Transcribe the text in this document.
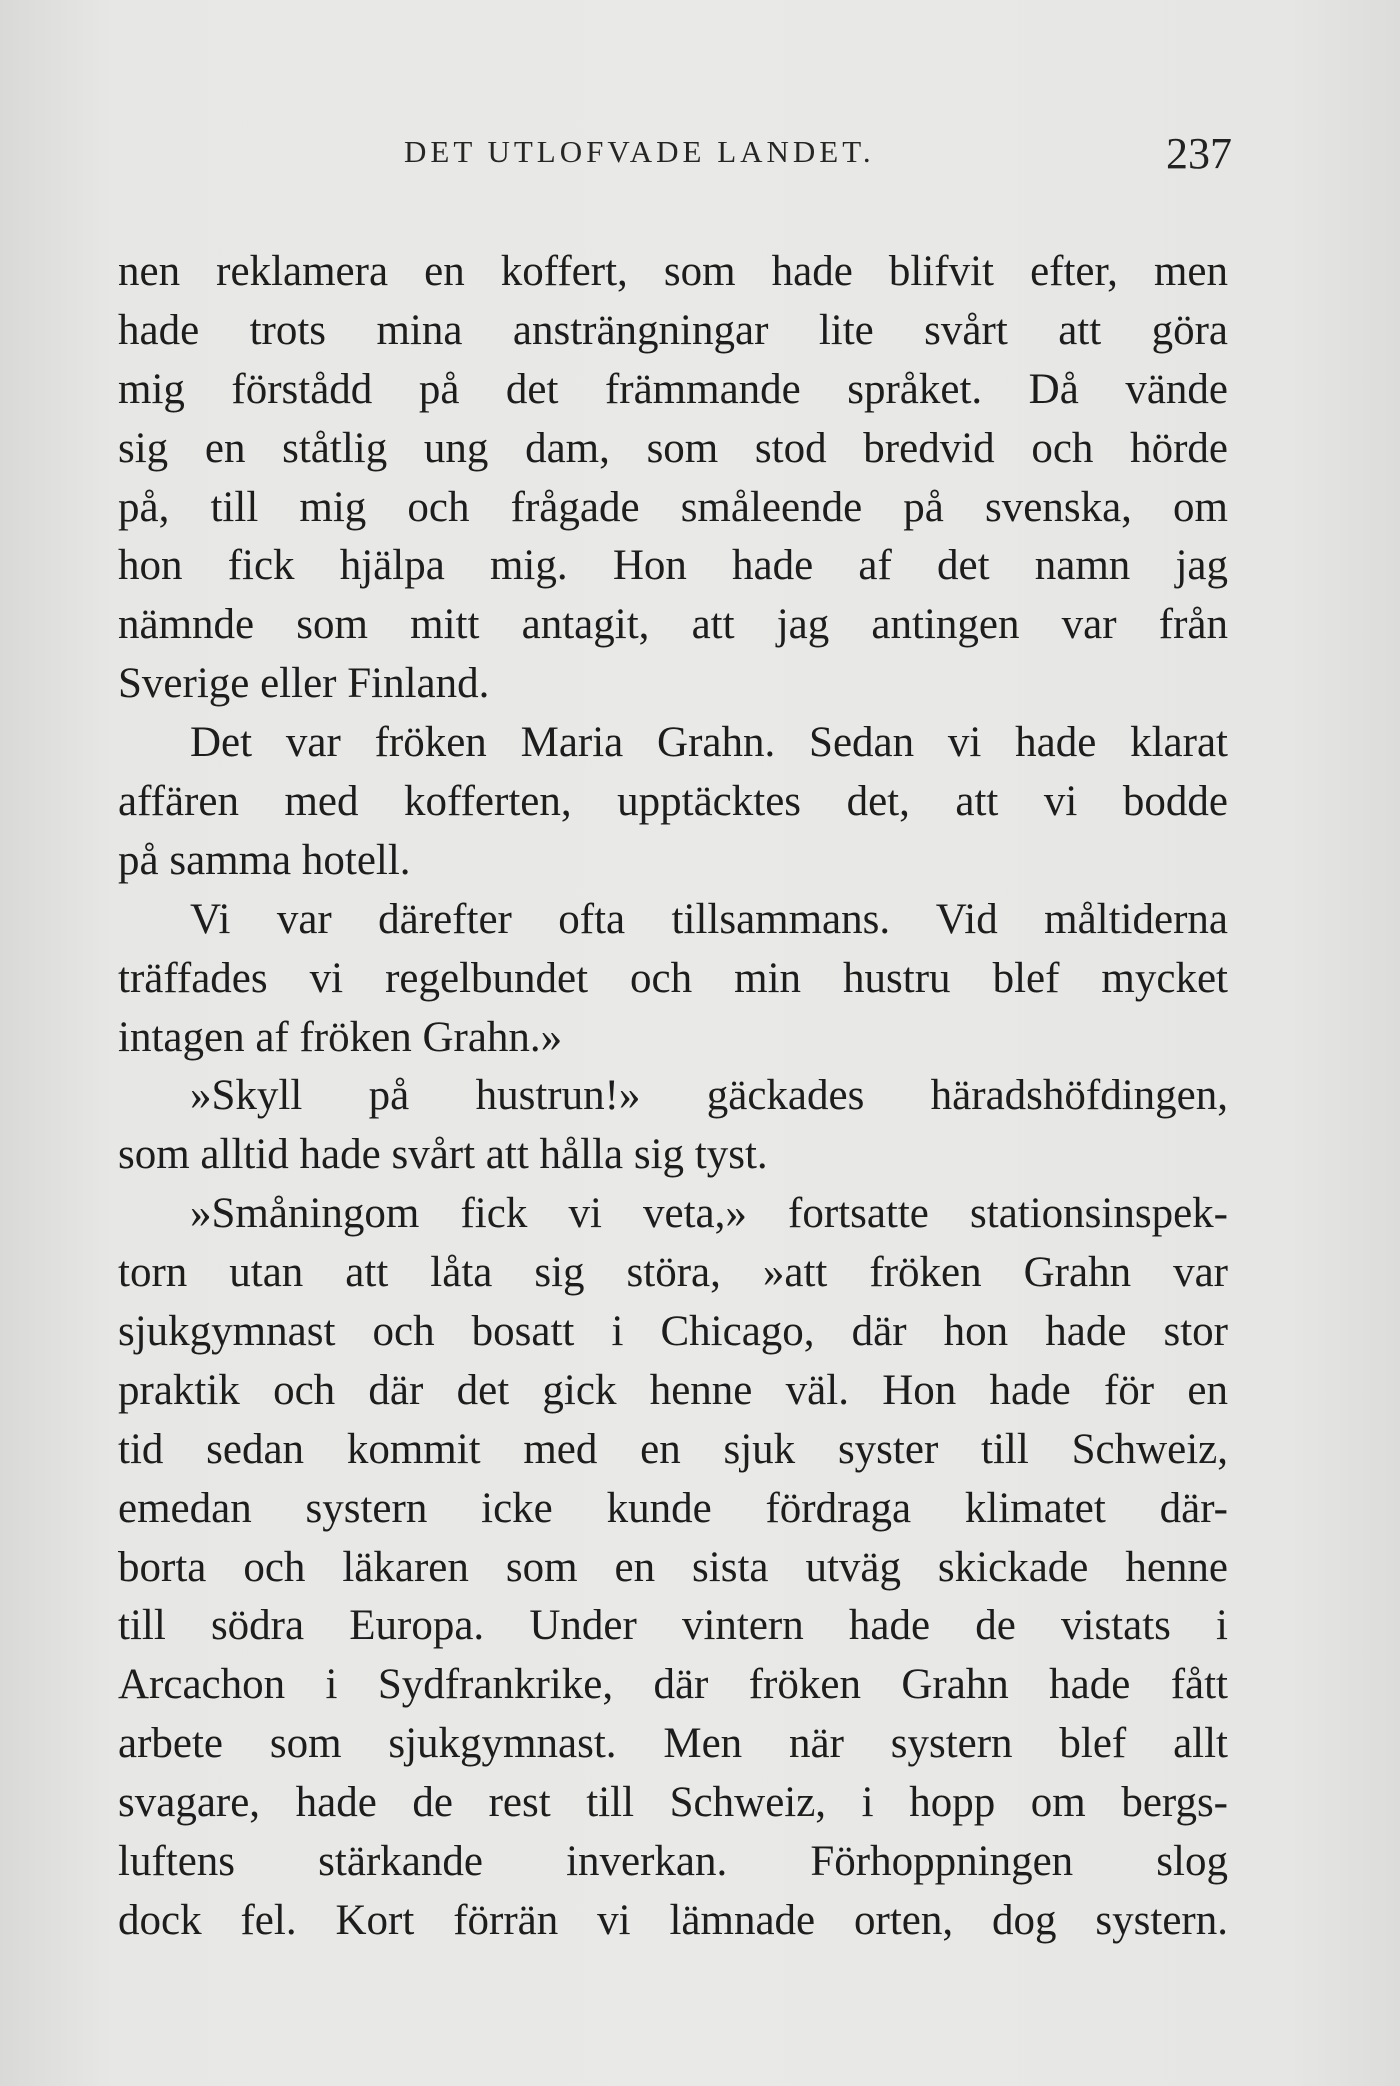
DET UTLOFVADE LANDET.	237
nen reklamera en koffert, som hade blifvit efter, men
hade trots mina ansträngningar lite svårt att göra
mig förstådd på det främmande språket. Då vände
sig en ståtlig ung dam, som stod bredvid och hörde
på, till mig och frågade småleende på svenska, om
hon fick hjälpa mig. Hon hade af det namn jag
nämnde som mitt antagit, att jag antingen var från
Sverige eller Finland.
Det var fröken Maria Grahn. Sedan vi hade klarat
affären med kofferten, upptäcktes det, att vi bodde
på samma hotell.
Vi var därefter ofta tillsammans. Vid måltiderna
träffades vi regelbundet och min hustru blef mycket
intagen af fröken Grahn.»
»Skyll på hustrun!» gäckades häradshöfdingen,
som alltid hade svårt att hålla sig tyst.
»Småningom fick vi veta,» fortsatte stationsinspek-
torn utan att låta sig störa, »att fröken Grahn var
sjukgymnast och bosatt i Chicago, där hon hade stor
praktik och där det gick henne väl. Hon hade för en
tid sedan kommit med en sjuk syster till Schweiz,
emedan systern icke kunde fördraga klimatet där-
borta och läkaren som en sista utväg skickade henne
till södra Europa. Under vintern hade de vistats i
Arcachon i Sydfrankrike, där fröken Grahn hade fått
arbete som sjukgymnast. Men när systern blef allt
svagare, hade de rest till Schweiz, i hopp om bergs-
luftens stärkande inverkan. Förhoppningen slog
dock fel. Kort förrän vi lämnade orten, dog systern.
